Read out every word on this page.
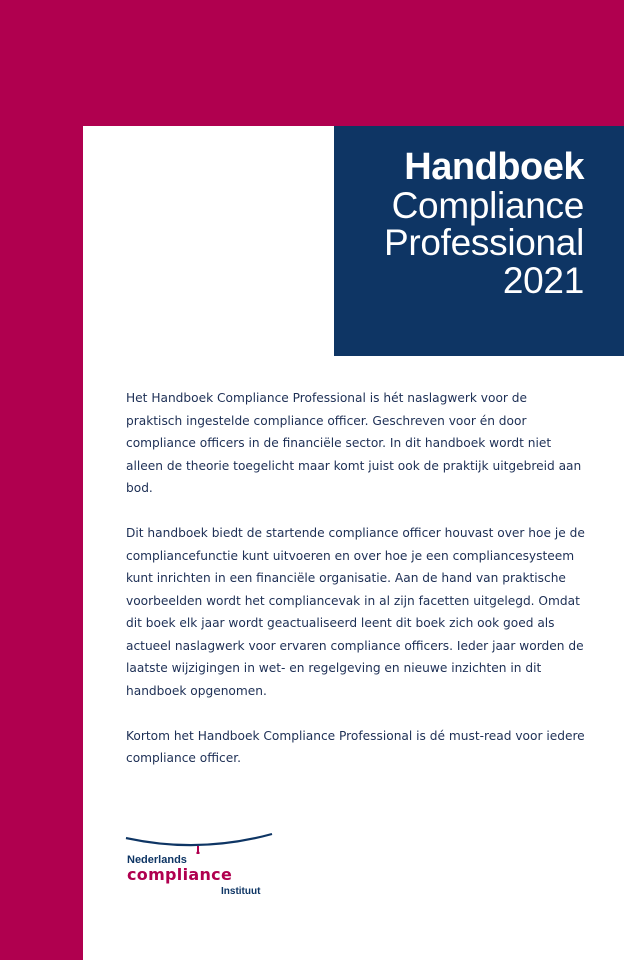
Handboek
Compliance
Professional
2021

Het Handboek Compliance Professional is hét naslagwerk voor de praktisch ingestelde compliance officer. Geschreven voor én door compliance officers in de financiële sector. In dit handboek wordt niet alleen de theorie toegelicht maar komt juist ook de praktijk uitgebreid aan bod.

Dit handboek biedt de startende compliance officer houvast over hoe je de compliancefunctie kunt uitvoeren en over hoe je een compliancesysteem kunt inrichten in een financiële organisatie. Aan de hand van praktische voorbeelden wordt het compliancevak in al zijn facetten uitgelegd. Omdat dit boek elk jaar wordt geactualiseerd leent dit boek zich ook goed als actueel naslagwerk voor ervaren compliance officers. Ieder jaar worden de laatste wijzigingen in wet- en regelgeving en nieuwe inzichten in dit handboek opgenomen.

Kortom het Handboek Compliance Professional is dé must-read voor iedere compliance officer.

Nederlands
compliance
Instituut
